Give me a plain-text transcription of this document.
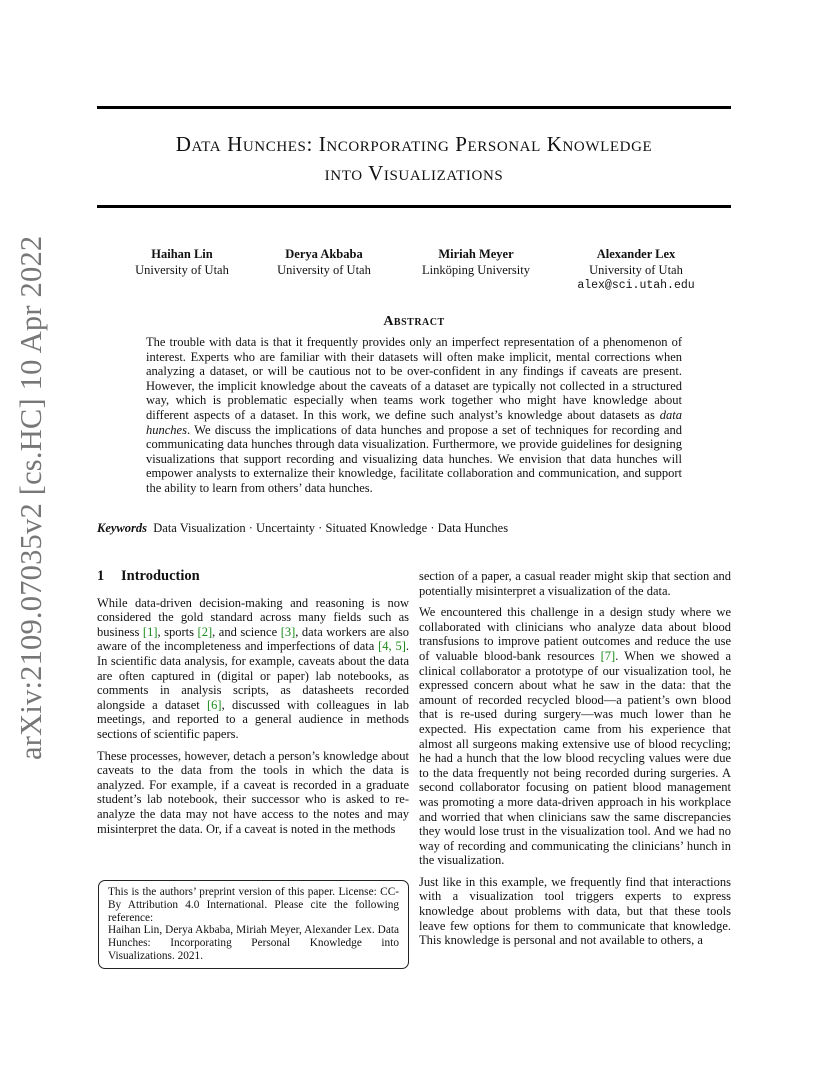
arXiv:2109.07035v2 [cs.HC] 10 Apr 2022
Data Hunches: Incorporating Personal Knowledge
into Visualizations
Haihan Lin
University of Utah
Derya Akbaba
University of Utah
Miriah Meyer
Linköping University
Alexander Lex
University of Utah
alex@sci.utah.edu
Abstract

The trouble with data is that it frequently provides only an imperfect representation of a phenomenon of interest. Experts who are familiar with their datasets will often make implicit, mental corrections when analyzing a dataset, or will be cautious not to be over-confident in any findings if caveats are present. However, the implicit knowledge about the caveats of a dataset are typically not collected in a structured way, which is problematic especially when teams work together who might have knowledge about different aspects of a dataset. In this work, we define such analyst’s knowledge about datasets as data hunches. We discuss the implications of data hunches and propose a set of techniques for recording and communicating data hunches through data visualization. Furthermore, we provide guidelines for designing visualizations that support recording and visualizing data hunches. We envision that data hunches will empower analysts to externalize their knowledge, facilitate collaboration and communication, and support the ability to learn from others’ data hunches.

Keywords Data Visualization · Uncertainty · Situated Knowledge · Data Hunches
1 Introduction

While data-driven decision-making and reasoning is now considered the gold standard across many fields such as business [1], sports [2], and science [3], data workers are also aware of the incompleteness and imperfections of data [4, 5]. In scientific data analysis, for example, caveats about the data are often captured in (digital or paper) lab notebooks, as comments in analysis scripts, as datasheets recorded alongside a dataset [6], discussed with colleagues in lab meetings, and reported to a general audience in methods sections of scientific papers.

These processes, however, detach a person’s knowledge about caveats to the data from the tools in which the data is analyzed. For example, if a caveat is recorded in a graduate student’s lab notebook, their successor who is asked to re-analyze the data may not have access to the notes and may misinterpret the data. Or, if a caveat is noted in the methods

This is the authors’ preprint version of this paper. License: CC-By Attribution 4.0 International. Please cite the following reference:
Haihan Lin, Derya Akbaba, Miriah Meyer, Alexander Lex. Data Hunches: Incorporating Personal Knowledge into Visualizations. 2021.

section of a paper, a casual reader might skip that section and potentially misinterpret a visualization of the data.

We encountered this challenge in a design study where we collaborated with clinicians who analyze data about blood transfusions to improve patient outcomes and reduce the use of valuable blood-bank resources [7]. When we showed a clinical collaborator a prototype of our visualization tool, he expressed concern about what he saw in the data: that the amount of recorded recycled blood—a patient’s own blood that is re-used during surgery—was much lower than he expected. His expectation came from his experience that almost all surgeons making extensive use of blood recycling; he had a hunch that the low blood recycling values were due to the data frequently not being recorded during surgeries. A second collaborator focusing on patient blood management was promoting a more data-driven approach in his workplace and worried that when clinicians saw the same discrepancies they would lose trust in the visualization tool. And we had no way of recording and communicating the clinicians’ hunch in the visualization.

Just like in this example, we frequently find that interactions with a visualization tool triggers experts to express knowledge about problems with data, but that these tools leave few options for them to communicate that knowledge. This knowledge is personal and not available to others, a
